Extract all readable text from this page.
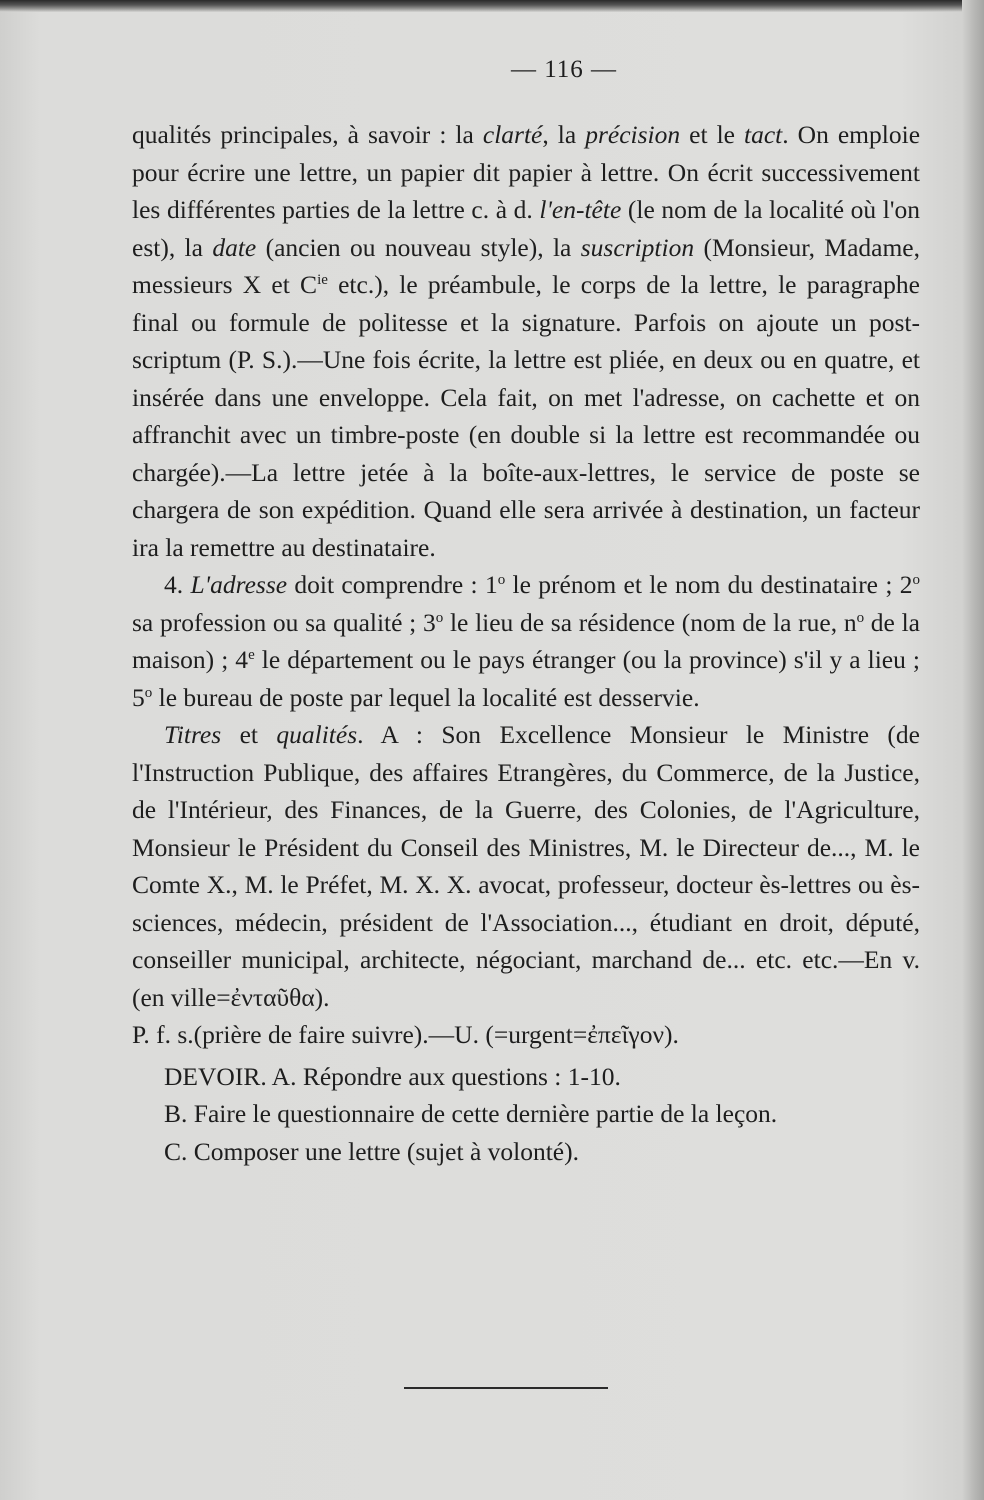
— 116 —

qualités principales, à savoir : la clarté, la précision et le tact. On emploie pour écrire une lettre, un papier dit papier à lettre. On écrit successivement les différentes parties de la lettre c. à d. l'en-tête (le nom de la localité où l'on est), la date (ancien ou nouveau style), la suscription (Monsieur, Madame, messieurs X et $C^{ie}$ etc.), le préambule, le corps de la lettre, le paragraphe final ou formule de politesse et la signature. Parfois on ajoute un post-scriptum (P. S.).—Une fois écrite, la lettre est pliée, en deux ou en quatre, et insérée dans une enveloppe. Cela fait, on met l'adresse, on cachette et on affranchit avec un timbre-poste (en double si la lettre est recommandée ou chargée).—La lettre jetée à la boîte-aux-lettres, le service de poste se chargera de son expédition. Quand elle sera arrivée à destination, un facteur ira la remettre au destinataire.

4. L'adresse doit comprendre : 1$^o$ le prénom et le nom du destinataire ; 2$^o$ sa profession ou sa qualité ; 3$^o$ le lieu de sa résidence (nom de la rue, $n^o$ de la maison) ; 4e le département ou le pays étranger (ou la province) s'il y a lieu ; 5$^o$ le bureau de poste par lequel la localité est desservie.

Titres et qualités. A : Son Excellence Monsieur le Ministre (de l'Instruction Publique, des affaires Etrangères, du Commerce, de la Justice, de l'Intérieur, des Finances, de la Guerre, des Colonies, de l'Agriculture, Monsieur le Président du Conseil des Ministres, M. le Directeur de..., M. le Comte X., M. le Préfet, M. X. X. avocat, professeur, docteur ès-lettres ou ès-sciences, médecin, président de l'Association..., étudiant en droit, député, conseiller municipal, architecte, négociant, marchand de... etc. etc.—En v. (en ville=ἐνταῦθα).

P. f. s.(prière de faire suivre).—U. (=urgent=ἐπεῖγον).

DEVOIR. A. Répondre aux questions : 1-10.

B. Faire le questionnaire de cette dernière partie de la leçon.

C. Composer une lettre (sujet à volonté).
